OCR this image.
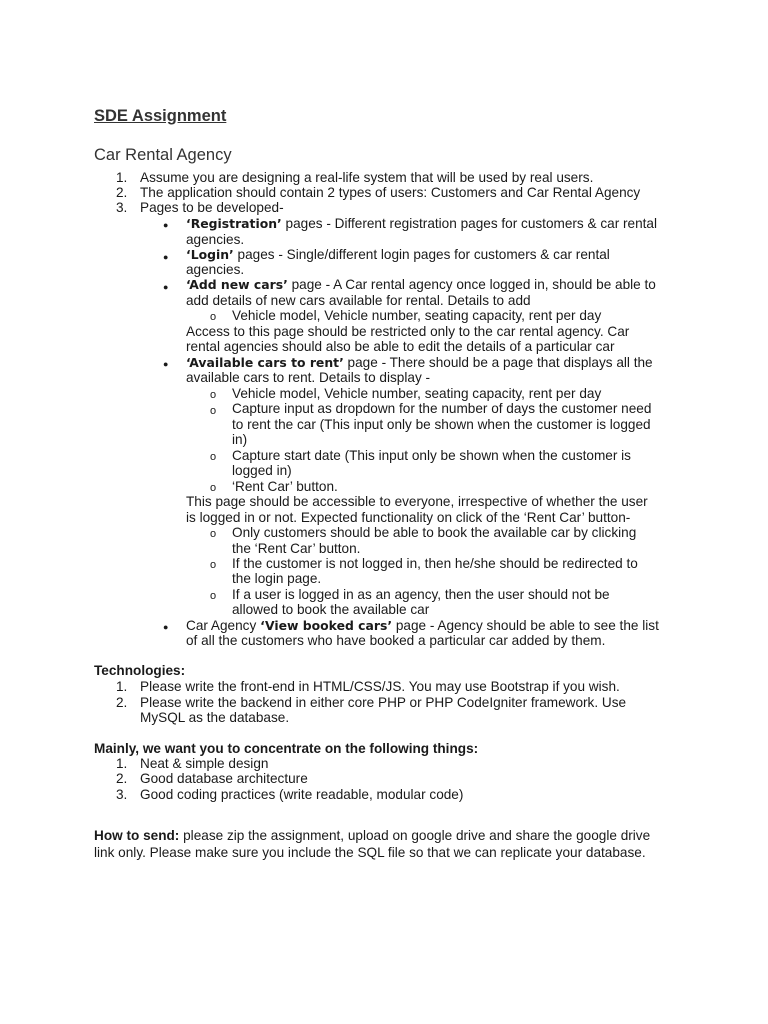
SDE Assignment
Car Rental Agency
1. Assume you are designing a real-life system that will be used by real users.
2. The application should contain 2 types of users: Customers and Car Rental Agency
3. Pages to be developed-
● ‘Registration’ pages - Different registration pages for customers & car rental
agencies.
● ‘Login’ pages - Single/different login pages for customers & car rental
agencies.
● ‘Add new cars’ page - A Car rental agency once logged in, should be able to
add details of new cars available for rental. Details to add
o Vehicle model, Vehicle number, seating capacity, rent per day
Access to this page should be restricted only to the car rental agency. Car
rental agencies should also be able to edit the details of a particular car
● ‘Available cars to rent’ page - There should be a page that displays all the
available cars to rent. Details to display -
o Vehicle model, Vehicle number, seating capacity, rent per day
o Capture input as dropdown for the number of days the customer need
to rent the car (This input only be shown when the customer is logged
in)
o Capture start date (This input only be shown when the customer is
logged in)
o ‘Rent Car’ button.
This page should be accessible to everyone, irrespective of whether the user
is logged in or not. Expected functionality on click of the ‘Rent Car’ button-
o Only customers should be able to book the available car by clicking
the ‘Rent Car’ button.
o If the customer is not logged in, then he/she should be redirected to
the login page.
o If a user is logged in as an agency, then the user should not be
allowed to book the available car
● Car Agency ‘View booked cars’ page - Agency should be able to see the list
of all the customers who have booked a particular car added by them.
Technologies:
1. Please write the front-end in HTML/CSS/JS. You may use Bootstrap if you wish.
2. Please write the backend in either core PHP or PHP CodeIgniter framework. Use
MySQL as the database.
Mainly, we want you to concentrate on the following things:
1. Neat & simple design
2. Good database architecture
3. Good coding practices (write readable, modular code)
How to send: please zip the assignment, upload on google drive and share the google drive
link only. Please make sure you include the SQL file so that we can replicate your database.
